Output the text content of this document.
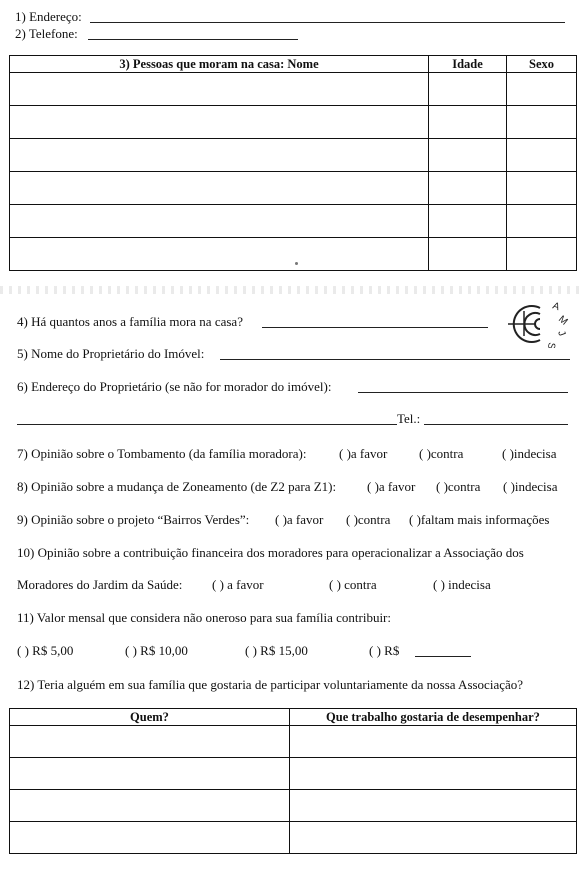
1) Endereço:
2) Telefone:
3) Pessoas que moram na casa: Nome	Idade	Sexo

4) Há quantos anos a família mora na casa?
A
M
J
S
5) Nome do Proprietário do Imóvel:
6) Endereço do Proprietário (se não for morador do imóvel):
Tel.:
7) Opinião sobre o Tombamento (da família moradora):	( )a favor ( )contra	( )indecisa
8) Opinião sobre a mudança de Zoneamento (de Z2 para Z1): ( )a favor ( )contra ( )indecisa
9) Opinião sobre o projeto “Bairros Verdes”: ( )a favor ( )contra ( )faltam mais informações
10) Opinião sobre a contribuição financeira dos moradores para operacionalizar a Associação dos
Moradores do Jardim da Saúde: ( ) a favor	( ) contra	( ) indecisa
11) Valor mensal que considera não oneroso para sua família contribuir:
( ) R$ 5,00	( ) R$ 10,00	( ) R$ 15,00	( ) R$
12) Teria alguém em sua família que gostaria de participar voluntariamente da nossa Associação?
Quem?	Que trabalho gostaria de desempenhar?
